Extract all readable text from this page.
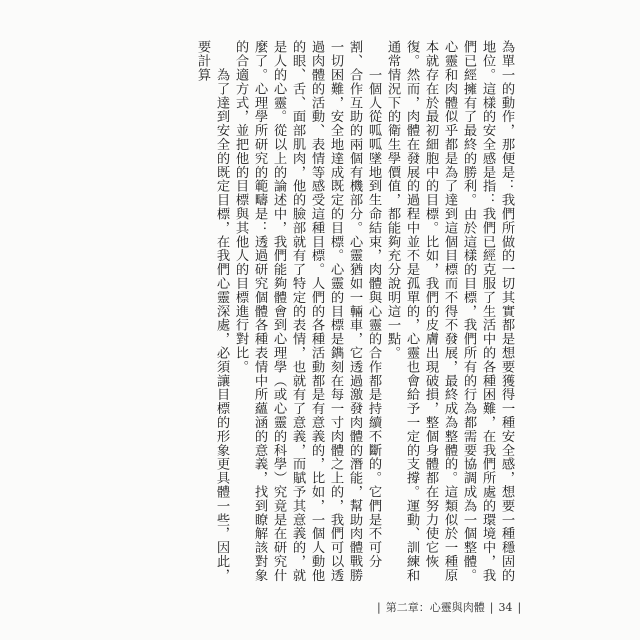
為單一的動作，那便是：我們所做的一切其實都是想要獲得一種安全感，想要一種穩固的地位。這樣的安全感是指：我們已經克服了生活中的各種困難，在我們所處的環境中，我們已經擁有了最終的勝利。由於這樣的目標，我們所有的行為都需要協調成為一個整體。心靈和肉體似乎都是為了達到這個目標而不得不發展，最終成為整體的。這類似於一種原本就存在於最初細胞中的目標。比如，我們的皮膚出現破損，整個身體都在努力使它恢復。然而，肉體在發展的過程中並不是孤單的，心靈也會給予一定的支撐。運動、訓練和通常情況下的衛生學價值，都能夠充分說明這一點。

　　一個人從呱呱墜地到生命結束，肉體與心靈的合作都是持續不斷的。它們是不可分割、合作互助的兩個有機部分。心靈猶如一輛車，它透過激發肉體的潛能，幫助肉體戰勝一切困難，安全地達成既定的目標。心靈的目標是鐫刻在每一寸肉體之上的，我們可以透過肉體的活動、表情等感受這種目標。人們的各種活動都是有意義的，比如，一個人動他的眼、舌、面部肌肉，他的臉部就有了特定的表情，也就有了意義，而賦予其意義的，就是人的心靈。從以上的論述中，我們能夠體會到心理學（或心靈的科學）究竟是在研究什麼了。心理學所研究的範疇是：透過研究個體各種表情中所蘊涵的意義，找到瞭解該對象的合適方式，並把他的目標與其他人的目標進行對比。

　　為了達到安全的既定目標，在我們心靈深處，必須讓目標的形象更具體一些，因此，要計算

| 第二章：心靈與肉體 | 34 |
